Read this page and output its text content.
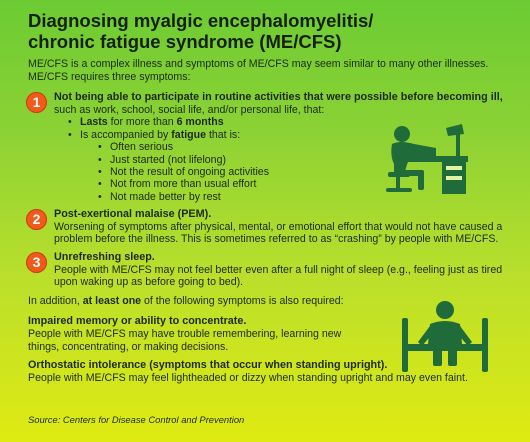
Diagnosing myalgic encephalomyelitis/
chronic fatigue syndrome (ME/CFS)

ME/CFS is a complex illness and symptoms of ME/CFS may seem similar to many other illnesses. ME/CFS requires three symptoms:

1	Not being able to participate in routine activities that were possible before becoming ill,

such as work, school, social life, and/or personal life, that:

• Lasts for more than 6 months
• Is accompanied by fatigue that is:
• Often serious
• Just started (not lifelong)
• Not the result of ongoing activities
• Not from more than usual effort
• Not made better by rest
2	Post-exertional malaise (PEM).

Worsening of symptoms after physical, mental, or emotional effort that would not have caused a problem before the illness. This is sometimes referred to as “crashing” by people with ME/CFS.

3	Unrefreshing sleep.

People with ME/CFS may not feel better even after a full night of sleep (e.g., feeling just as tired upon waking up as before going to bed).

In addition, at least one of the following symptoms is also required:

Impaired memory or ability to concentrate.

People with ME/CFS may have trouble remembering, learning new things, concentrating, or making decisions.

Orthostatic intolerance (symptoms that occur when standing upright).

People with ME/CFS may feel lightheaded or dizzy when standing upright and may even faint.

Source: Centers for Disease Control and Prevention
